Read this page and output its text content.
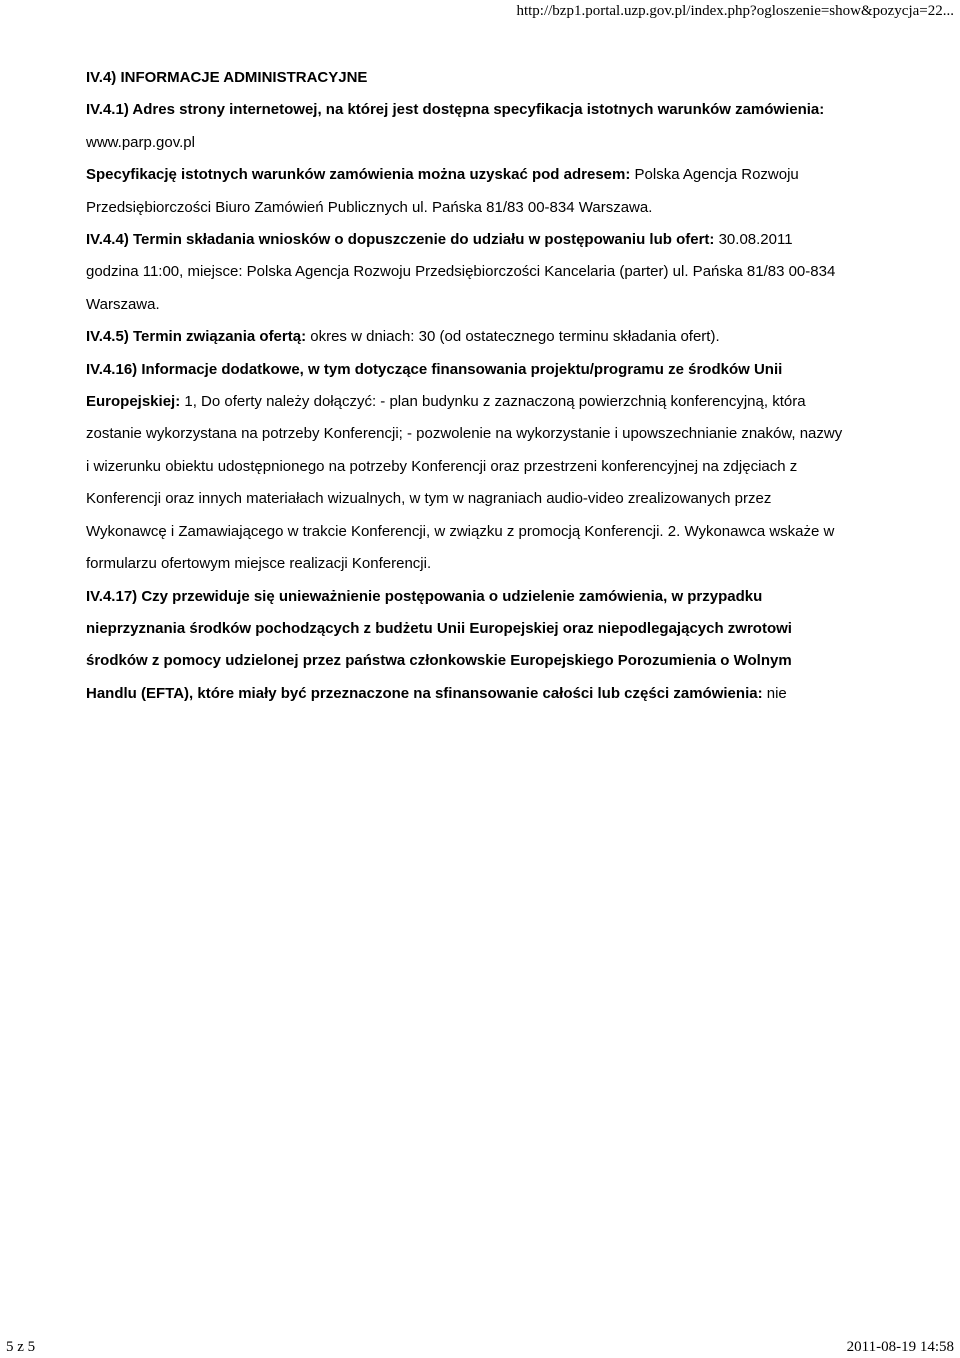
http://bzp1.portal.uzp.gov.pl/index.php?ogloszenie=show&pozycja=22...
IV.4) INFORMACJE ADMINISTRACYJNE
IV.4.1) Adres strony internetowej, na której jest dostępna specyfikacja istotnych warunków zamówienia:
www.parp.gov.pl
Specyfikację istotnych warunków zamówienia można uzyskać pod adresem: Polska Agencja Rozwoju
Przedsiębiorczości Biuro Zamówień Publicznych ul. Pańska 81/83 00-834 Warszawa.
IV.4.4) Termin składania wniosków o dopuszczenie do udziału w postępowaniu lub ofert: 30.08.2011
godzina 11:00, miejsce: Polska Agencja Rozwoju Przedsiębiorczości Kancelaria (parter) ul. Pańska 81/83 00-834
Warszawa.
IV.4.5) Termin związania ofertą: okres w dniach: 30 (od ostatecznego terminu składania ofert).
IV.4.16) Informacje dodatkowe, w tym dotyczące finansowania projektu/programu ze środków Unii
Europejskiej: 1, Do oferty należy dołączyć: - plan budynku z zaznaczoną powierzchnią konferencyjną, która
zostanie wykorzystana na potrzeby Konferencji; - pozwolenie na wykorzystanie i upowszechnianie znaków, nazwy
i wizerunku obiektu udostępnionego na potrzeby Konferencji oraz przestrzeni konferencyjnej na zdjęciach z
Konferencji oraz innych materiałach wizualnych, w tym w nagraniach audio-video zrealizowanych przez
Wykonawcę i Zamawiającego w trakcie Konferencji, w związku z promocją Konferencji. 2. Wykonawca wskaże w
formularzu ofertowym miejsce realizacji Konferencji.
IV.4.17) Czy przewiduje się unieważnienie postępowania o udzielenie zamówienia, w przypadku
nieprzyznania środków pochodzących z budżetu Unii Europejskiej oraz niepodlegających zwrotowi
środków z pomocy udzielonej przez państwa członkowskie Europejskiego Porozumienia o Wolnym
Handlu (EFTA), które miały być przeznaczone na sfinansowanie całości lub części zamówienia: nie
5 z 5	2011-08-19 14:58
